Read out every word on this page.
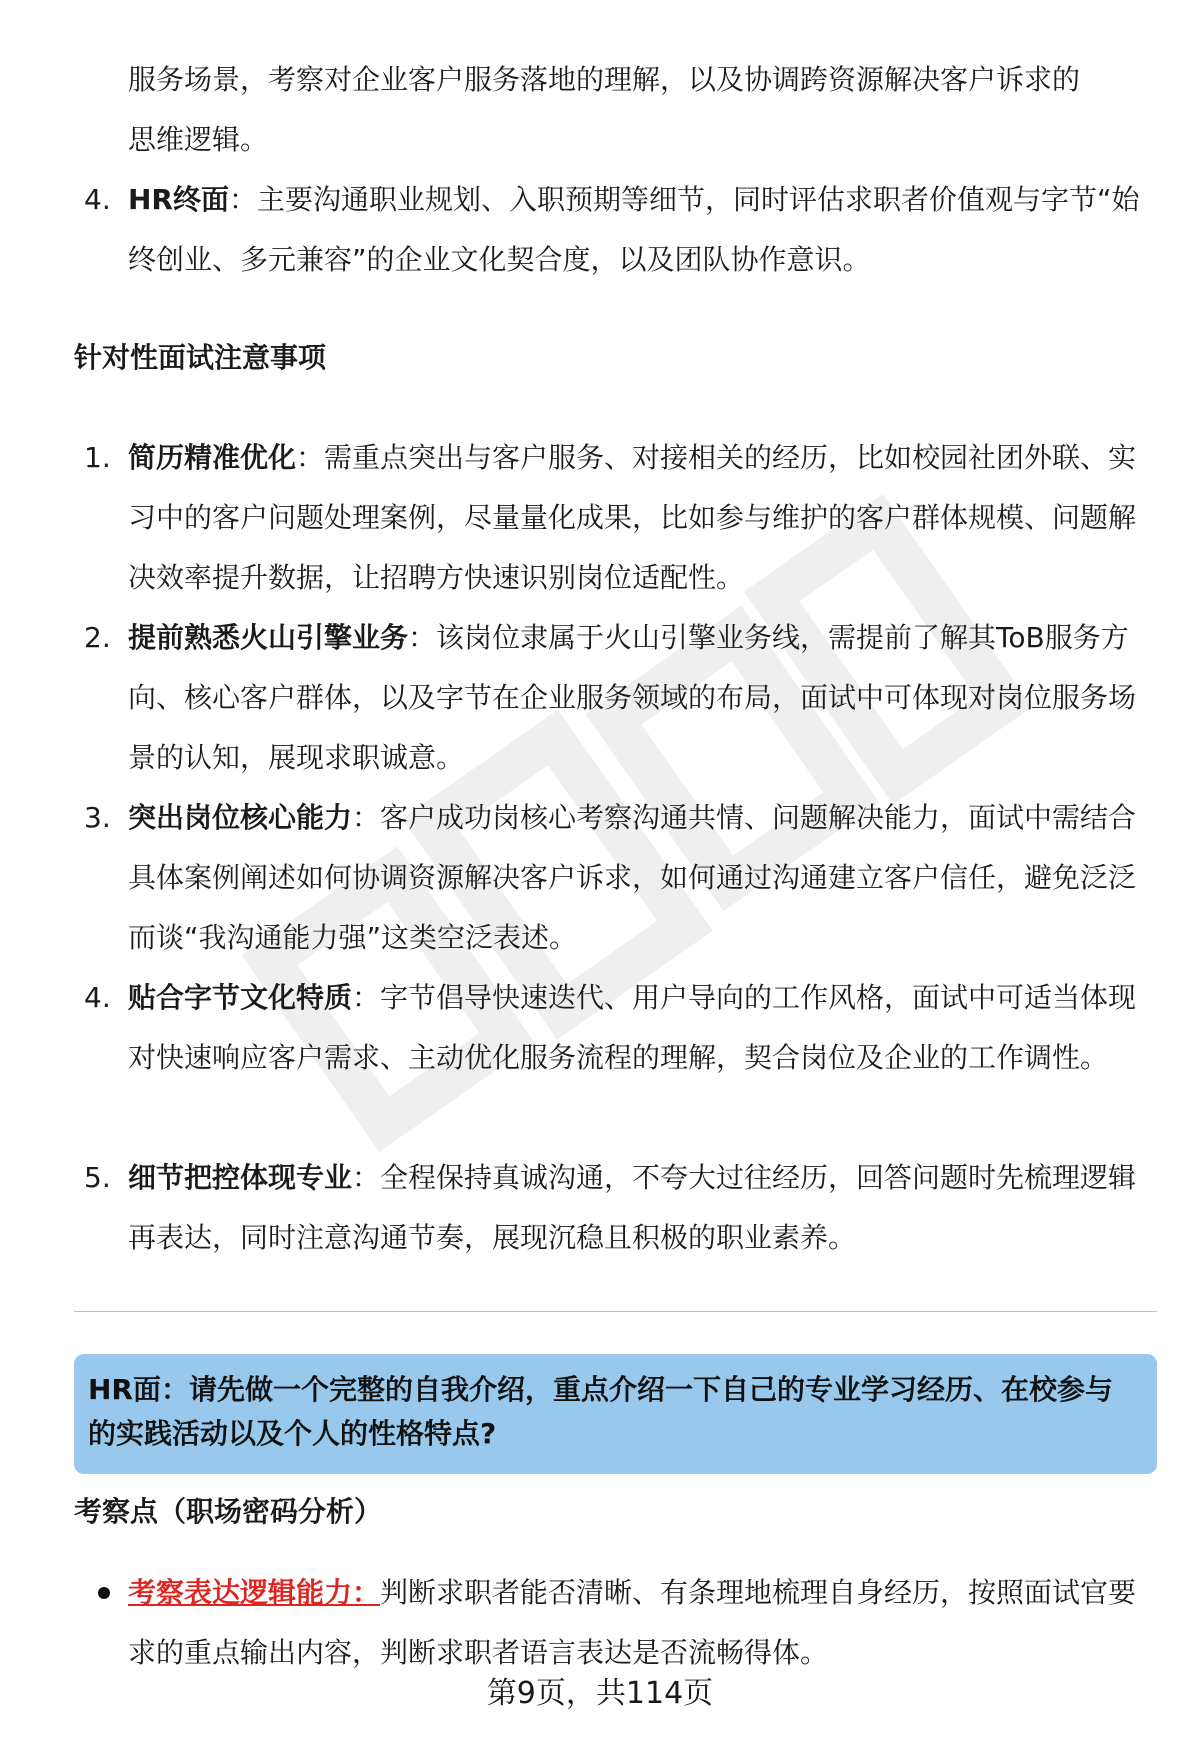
服务场景，考察对企业客户服务落地的理解，以及协调跨资源解决客户诉求的
思维逻辑。

4. HR终面：主要沟通职业规划、入职预期等细节，同时评估求职者价值观与字节“始终创业、多元兼容”的企业文化契合度，以及团队协作意识。

针对性面试注意事项
1. 简历精准优化：需重点突出与客户服务、对接相关的经历，比如校园社团外联、实习中的客户问题处理案例，尽量量化成果，比如参与维护的客户群体规模、问题解决效率提升数据，让招聘方快速识别岗位适配性。

2. 提前熟悉火山引擎业务：该岗位隶属于火山引擎业务线，需提前了解其ToB服务方向、核心客户群体，以及字节在企业服务领域的布局，面试中可体现对岗位服务场景的认知，展现求职诚意。

3. 突出岗位核心能力：客户成功岗核心考察沟通共情、问题解决能力，面试中需结合具体案例阐述如何协调资源解决客户诉求，如何通过沟通建立客户信任，避免泛泛而谈“我沟通能力强”这类空泛表述。

4. 贴合字节文化特质：字节倡导快速迭代、用户导向的工作风格，面试中可适当体现对快速响应客户需求、主动优化服务流程的理解，契合岗位及企业的工作调性。

5. 细节把控体现专业：全程保持真诚沟通，不夸大过往经历，回答问题时先梳理逻辑再表达，同时注意沟通节奏，展现沉稳且积极的职业素养。

HR面：请先做一个完整的自我介绍，重点介绍一下自己的专业学习经历、在校参与的实践活动以及个人的性格特点?
考察点（职场密码分析）

考察表达逻辑能力：判断求职者能否清晰、有条理地梳理自身经历，按照面试官要求的重点输出内容，判断求职者语言表达是否流畅得体。

第9页，共114页
